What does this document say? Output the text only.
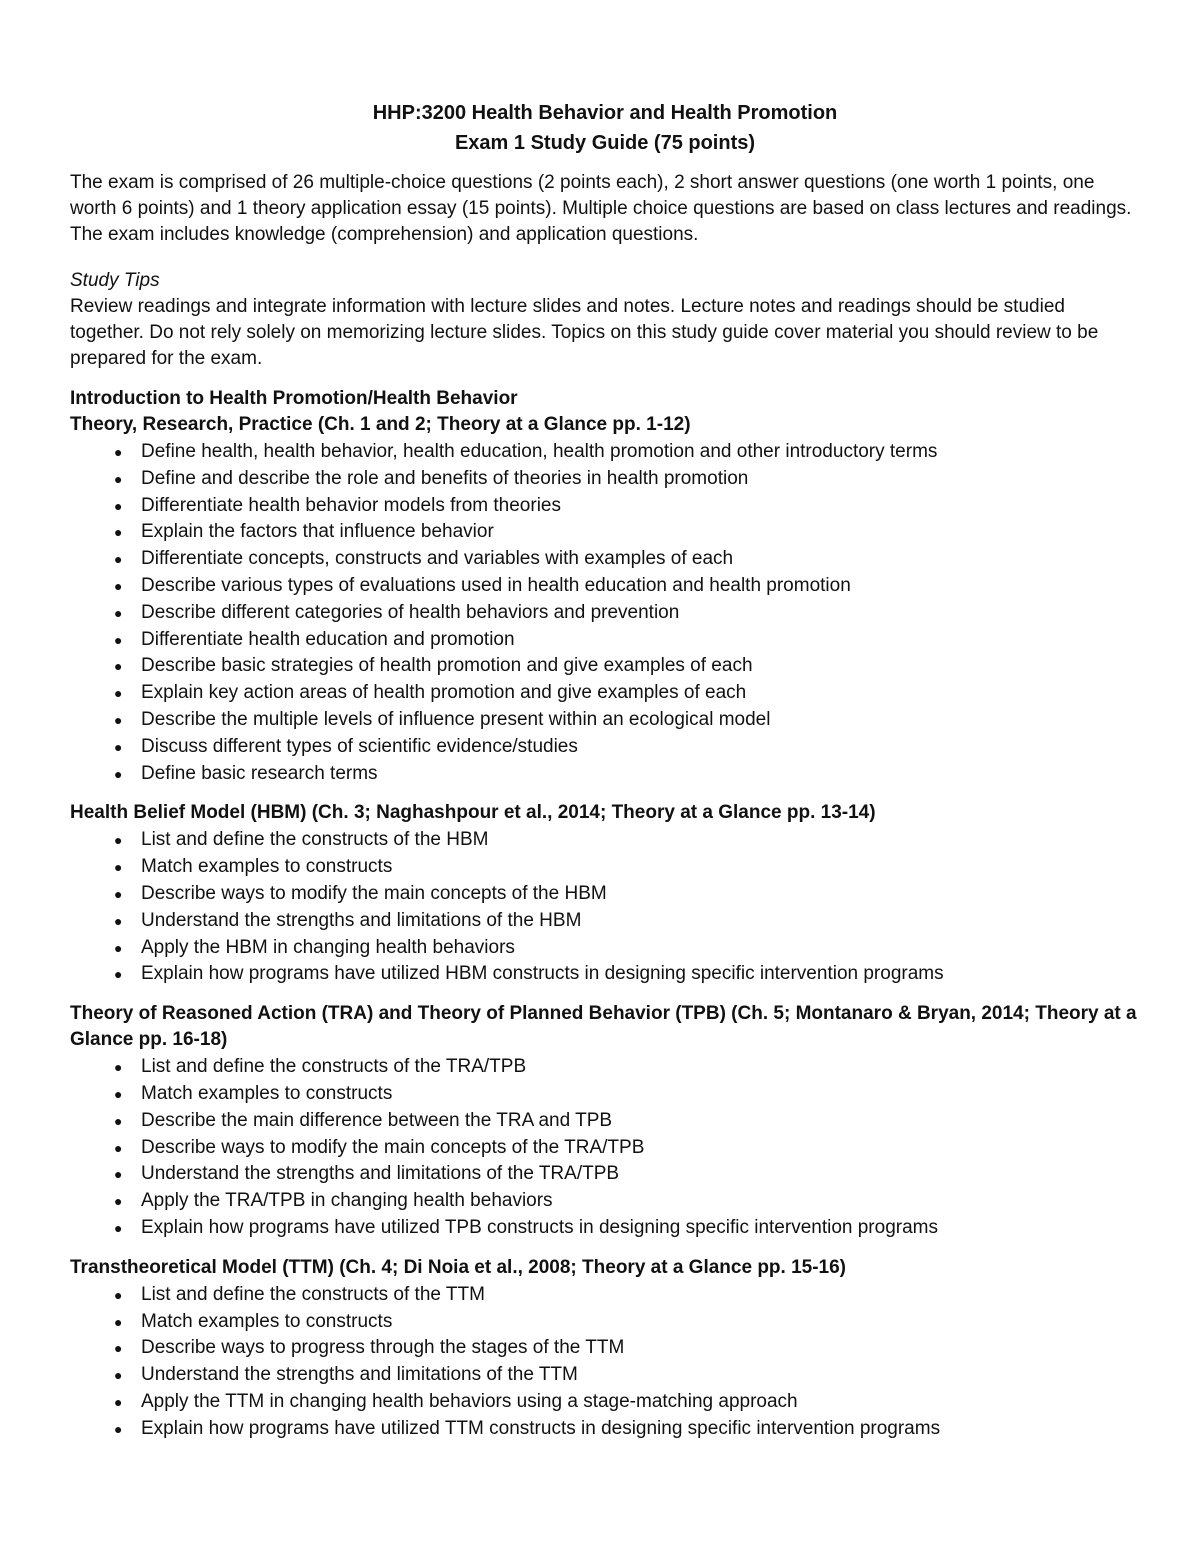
HHP:3200 Health Behavior and Health Promotion
Exam 1 Study Guide (75 points)

The exam is comprised of 26 multiple-choice questions (2 points each), 2 short answer questions (one worth 1 points, one worth 6 points) and 1 theory application essay (15 points). Multiple choice questions are based on class lectures and readings. The exam includes knowledge (comprehension) and application questions.

Study Tips

Review readings and integrate information with lecture slides and notes. Lecture notes and readings should be studied together. Do not rely solely on memorizing lecture slides. Topics on this study guide cover material you should review to be prepared for the exam.

Introduction to Health Promotion/Health Behavior
Theory, Research, Practice (Ch. 1 and 2; Theory at a Glance pp. 1-12)
● Define health, health behavior, health education, health promotion and other introductory terms
● Define and describe the role and benefits of theories in health promotion
● Differentiate health behavior models from theories
● Explain the factors that influence behavior
● Differentiate concepts, constructs and variables with examples of each
● Describe various types of evaluations used in health education and health promotion
● Describe different categories of health behaviors and prevention
● Differentiate health education and promotion
● Describe basic strategies of health promotion and give examples of each
● Explain key action areas of health promotion and give examples of each
● Describe the multiple levels of influence present within an ecological model
● Discuss different types of scientific evidence/studies
● Define basic research terms
Health Belief Model (HBM) (Ch. 3; Naghashpour et al., 2014; Theory at a Glance pp. 13-14)
● List and define the constructs of the HBM
● Match examples to constructs
● Describe ways to modify the main concepts of the HBM
● Understand the strengths and limitations of the HBM
● Apply the HBM in changing health behaviors
● Explain how programs have utilized HBM constructs in designing specific intervention programs
Theory of Reasoned Action (TRA) and Theory of Planned Behavior (TPB) (Ch. 5; Montanaro & Bryan, 2014; Theory at a Glance pp. 16-18)
● List and define the constructs of the TRA/TPB
● Match examples to constructs
● Describe the main difference between the TRA and TPB
● Describe ways to modify the main concepts of the TRA/TPB
● Understand the strengths and limitations of the TRA/TPB
● Apply the TRA/TPB in changing health behaviors
● Explain how programs have utilized TPB constructs in designing specific intervention programs
Transtheoretical Model (TTM) (Ch. 4; Di Noia et al., 2008; Theory at a Glance pp. 15-16)
● List and define the constructs of the TTM
● Match examples to constructs
● Describe ways to progress through the stages of the TTM
● Understand the strengths and limitations of the TTM
● Apply the TTM in changing health behaviors using a stage-matching approach
● Explain how programs have utilized TTM constructs in designing specific intervention programs
